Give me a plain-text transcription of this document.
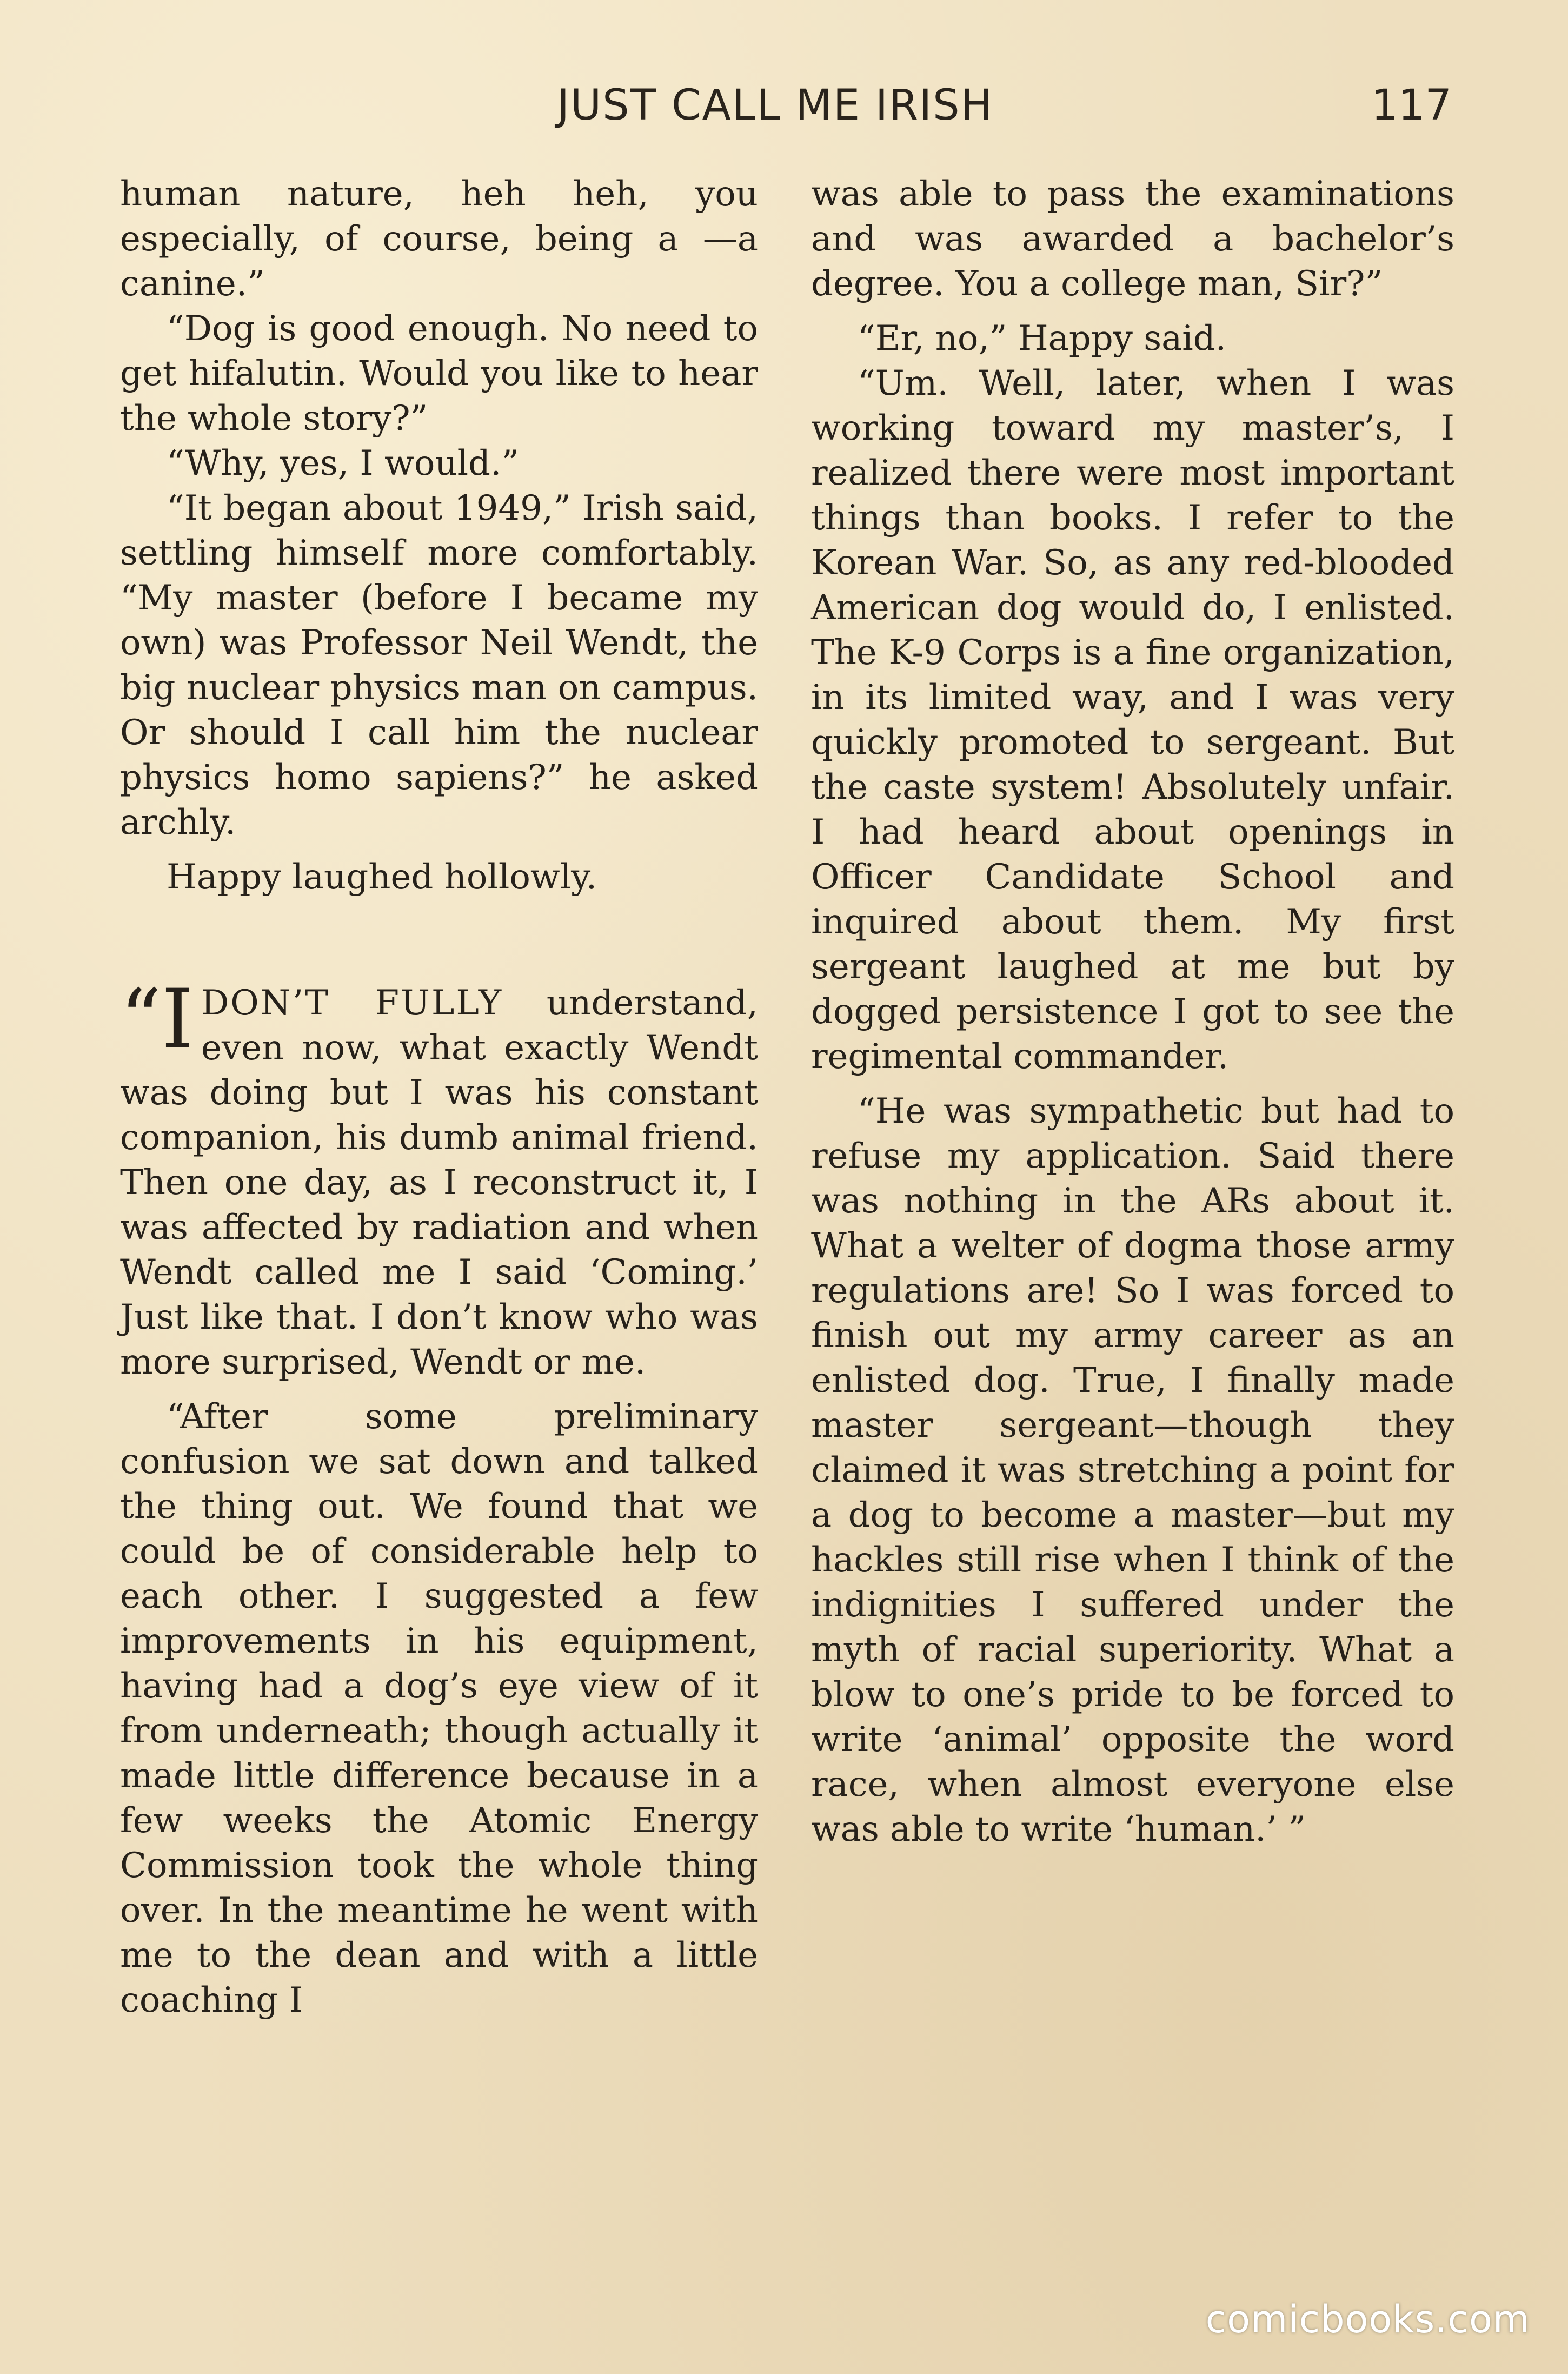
JUST CALL ME IRISH	117

human nature, heh heh, you especially, of course, being a —a canine.”

“Dog is good enough. No need to get hifalutin. Would you like to hear the whole story?”

“Why, yes, I would.”

“It began about 1949,” Irish said, settling himself more comfortably. “My master (before I became my own) was Professor Neil Wendt, the big nuclear physics man on campus. Or should I call him the nuclear physics homo sapiens?” he asked archly.

Happy laughed hollowly.

“IDON’T FULLY understand, even now, what exactly Wendt was doing but I was his constant companion, his dumb animal friend. Then one day, as I reconstruct it, I was affected by radiation and when Wendt called me I said ‘Coming.’ Just like that. I don’t know who was more surprised, Wendt or me.

“After some preliminary confusion we sat down and talked the thing out. We found that we could be of considerable help to each other. I suggested a few improvements in his equipment, having had a dog’s eye view of it from underneath; though actually it made little difference because in a few weeks the Atomic Energy Commission took the whole thing over. In the meantime he went with me to the dean and with a little coaching I

was able to pass the examinations and was awarded a bachelor’s degree. You a college man, Sir?”

“Er, no,” Happy said.

“Um. Well, later, when I was working toward my master’s, I realized there were most important things than books. I refer to the Korean War. So, as any red-blooded American dog would do, I enlisted. The K-9 Corps is a fine organization, in its limited way, and I was very quickly promoted to sergeant. But the caste system! Absolutely unfair. I had heard about openings in Officer Candidate School and inquired about them. My first sergeant laughed at me but by dogged persistence I got to see the regimental commander.

“He was sympathetic but had to refuse my application. Said there was nothing in the ARs about it. What a welter of dogma those army regulations are! So I was forced to finish out my army career as an enlisted dog. True, I finally made master sergeant—though they claimed it was stretching a point for a dog to become a master—but my hackles still rise when I think of the indignities I suffered under the myth of racial superiority. What a blow to one’s pride to be forced to write ‘animal’ opposite the word race, when almost everyone else was able to write ‘human.’ ”

comicbooks.com
